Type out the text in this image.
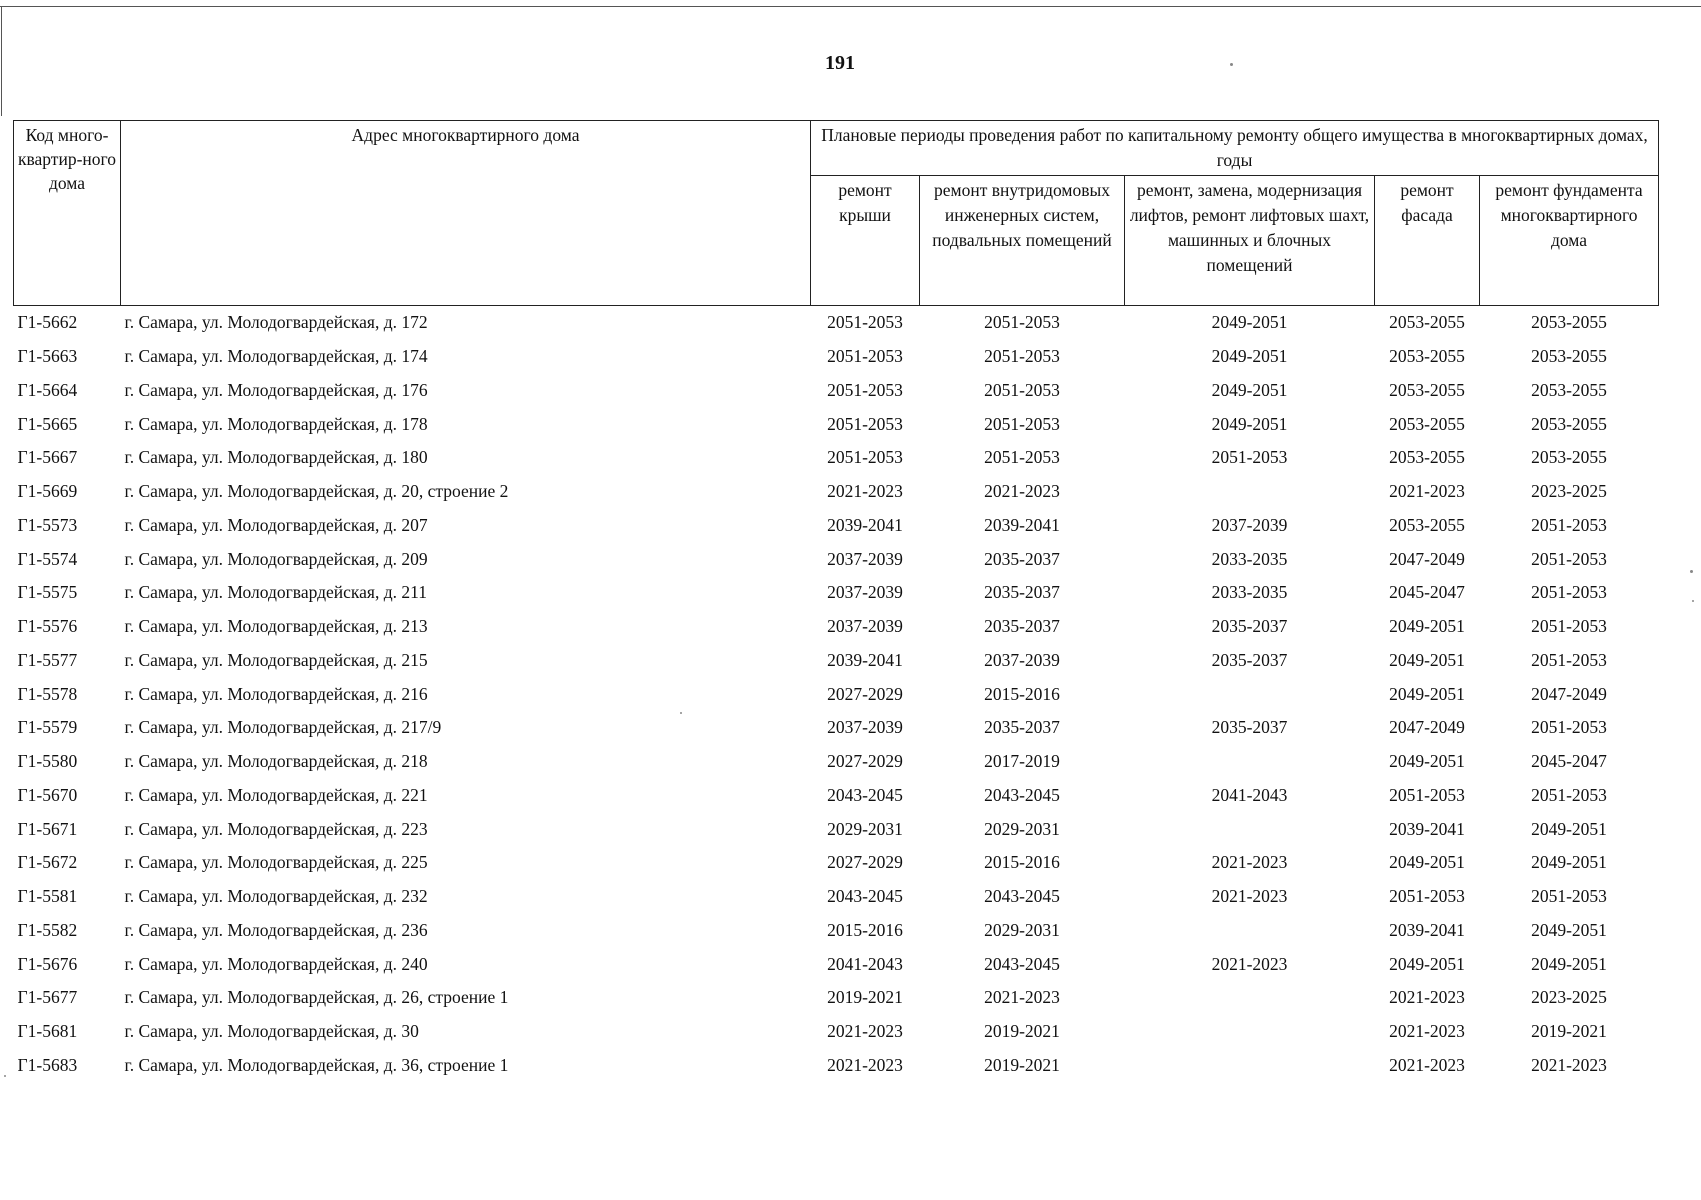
191
Код много-квартир-ного дома	Адрес многоквартирного дома	Плановые периоды проведения работ по капитальному ремонту общего имущества в многоквартирных домах, годы				
		ремонт крыши	ремонт внутридомовых инженерных систем, подвальных помещений	ремонт, замена, модернизация лифтов, ремонт лифтовых шахт, машинных и блочных помещений	ремонт фасада	ремонт фундамента многоквартирного дома
Г1-5662	г. Самара, ул. Молодогвардейская, д. 172	2051-2053	2051-2053	2049-2051	2053-2055	2053-2055
Г1-5663	г. Самара, ул. Молодогвардейская, д. 174	2051-2053	2051-2053	2049-2051	2053-2055	2053-2055
Г1-5664	г. Самара, ул. Молодогвардейская, д. 176	2051-2053	2051-2053	2049-2051	2053-2055	2053-2055
Г1-5665	г. Самара, ул. Молодогвардейская, д. 178	2051-2053	2051-2053	2049-2051	2053-2055	2053-2055
Г1-5667	г. Самара, ул. Молодогвардейская, д. 180	2051-2053	2051-2053	2051-2053	2053-2055	2053-2055
Г1-5669	г. Самара, ул. Молодогвардейская, д. 20, строение 2	2021-2023	2021-2023		2021-2023	2023-2025
Г1-5573	г. Самара, ул. Молодогвардейская, д. 207	2039-2041	2039-2041	2037-2039	2053-2055	2051-2053
Г1-5574	г. Самара, ул. Молодогвардейская, д. 209	2037-2039	2035-2037	2033-2035	2047-2049	2051-2053
Г1-5575	г. Самара, ул. Молодогвардейская, д. 211	2037-2039	2035-2037	2033-2035	2045-2047	2051-2053
Г1-5576	г. Самара, ул. Молодогвардейская, д. 213	2037-2039	2035-2037	2035-2037	2049-2051	2051-2053
Г1-5577	г. Самара, ул. Молодогвардейская, д. 215	2039-2041	2037-2039	2035-2037	2049-2051	2051-2053
Г1-5578	г. Самара, ул. Молодогвардейская, д. 216	2027-2029	2015-2016		2049-2051	2047-2049
Г1-5579	г. Самара, ул. Молодогвардейская, д. 217/9	2037-2039	2035-2037	2035-2037	2047-2049	2051-2053
Г1-5580	г. Самара, ул. Молодогвардейская, д. 218	2027-2029	2017-2019		2049-2051	2045-2047
Г1-5670	г. Самара, ул. Молодогвардейская, д. 221	2043-2045	2043-2045	2041-2043	2051-2053	2051-2053
Г1-5671	г. Самара, ул. Молодогвардейская, д. 223	2029-2031	2029-2031		2039-2041	2049-2051
Г1-5672	г. Самара, ул. Молодогвардейская, д. 225	2027-2029	2015-2016	2021-2023	2049-2051	2049-2051
Г1-5581	г. Самара, ул. Молодогвардейская, д. 232	2043-2045	2043-2045	2021-2023	2051-2053	2051-2053
Г1-5582	г. Самара, ул. Молодогвардейская, д. 236	2015-2016	2029-2031		2039-2041	2049-2051
Г1-5676	г. Самара, ул. Молодогвардейская, д. 240	2041-2043	2043-2045	2021-2023	2049-2051	2049-2051
Г1-5677	г. Самара, ул. Молодогвардейская, д. 26, строение 1	2019-2021	2021-2023		2021-2023	2023-2025
Г1-5681	г. Самара, ул. Молодогвардейская, д. 30	2021-2023	2019-2021		2021-2023	2019-2021
Г1-5683	г. Самара, ул. Молодогвардейская, д. 36, строение 1	2021-2023	2019-2021		2021-2023	2021-2023
